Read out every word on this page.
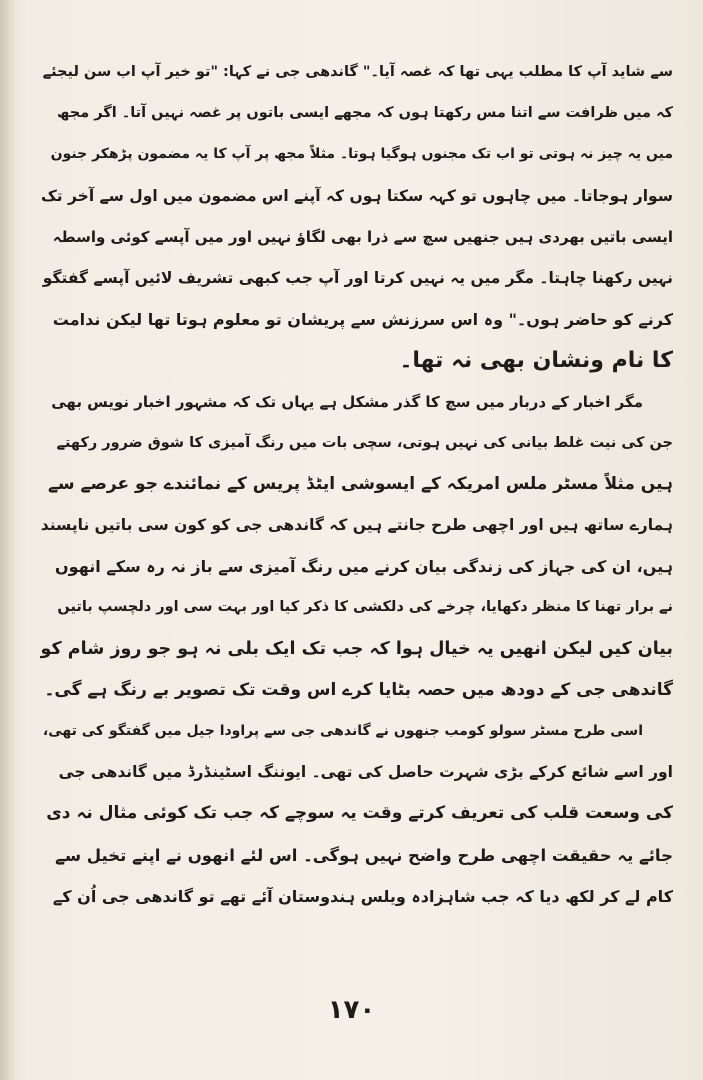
سے شاید آپ کا مطلب یہی تھا کہ غصہ آیا۔" گاندھی جی نے کہا: "تو خیر آپ اب سن لیجئے
کہ میں ظرافت سے اتنا مس رکھتا ہوں کہ مجھے ایسی باتوں پر غصہ نہیں آتا۔ اگر مجھ
میں یہ چیز نہ ہوتی تو اب تک مجنوں ہوگیا ہوتا۔ مثلاً مجھ پر آپ کا یہ مضمون پڑھکر جنون
سوار ہوجاتا۔ میں چاہوں تو کہہ سکتا ہوں کہ آپنے اس مضمون میں اول سے آخر تک
ایسی باتیں بھردی ہیں جنھیں سچ سے ذرا بھی لگاؤ نہیں اور میں آپسے کوئی واسطہ
نہیں رکھنا چاہتا۔ مگر میں یہ نہیں کرتا اور آپ جب کبھی تشریف لائیں آپسے گفتگو
کرنے کو حاضر ہوں۔" وہ اس سرزنش سے پریشان تو معلوم ہوتا تھا لیکن ندامت
کا نام ونشان بھی نہ تھا۔
مگر اخبار کے دربار میں سچ کا گذر مشکل ہے یہاں تک کہ مشہور اخبار نویس بھی
جن کی نیت غلط بیانی کی نہیں ہوتی، سچی بات میں رنگ آمیزی کا شوق ضرور رکھتے
ہیں مثلاً مسٹر ملس امریکہ کے ایسوشی ایٹڈ پریس کے نمائندے جو عرصے سے
ہمارے ساتھ ہیں اور اچھی طرح جانتے ہیں کہ گاندھی جی کو کون سی باتیں ناپسند
ہیں، ان کی جہاز کی زندگی بیان کرنے میں رنگ آمیزی سے باز نہ رہ سکے انھوں
نے برار تھنا کا منظر دکھایا، چرخے کی دلکشی کا ذکر کیا اور بہت سی اور دلچسپ باتیں
بیان کیں لیکن انھیں یہ خیال ہوا کہ جب تک ایک بلی نہ ہو جو روز شام کو
گاندھی جی کے دودھ میں حصہ بٹایا کرے اس وقت تک تصویر بے رنگ ہے گی۔
اسی طرح مسٹر سولو کومب جنھوں نے گاندھی جی سے پراودا جیل میں گفتگو کی تھی،
اور اسے شائع کرکے بڑی شہرت حاصل کی تھی۔ ایوننگ اسٹینڈرڈ میں گاندھی جی
کی وسعت قلب کی تعریف کرتے وقت یہ سوچے کہ جب تک کوئی مثال نہ دی
جائے یہ حقیقت اچھی طرح واضح نہیں ہوگی۔ اس لئے انھوں نے اپنے تخیل سے
کام لے کر لکھ دیا کہ جب شاہزادہ ویلس ہندوستان آئے تھے تو گاندھی جی اُن کے
١٧٠
